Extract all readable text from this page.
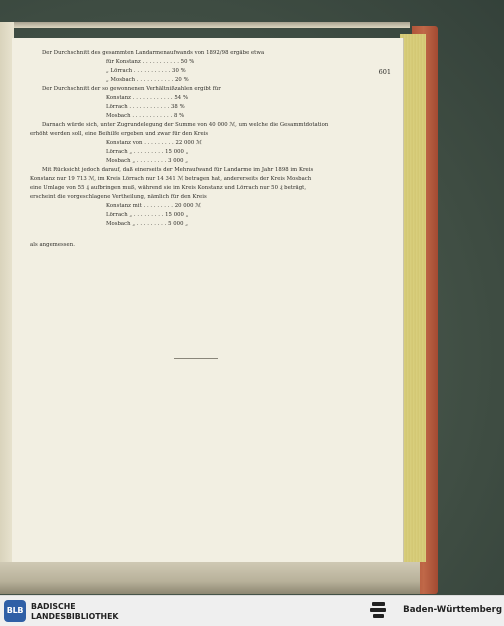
601
Der Durchschnitt des gesammten Landarmenaufwands von 1892/98 ergäbe etwa
für Konstanz . . . . . . . . . . . 50 %
„ Lörrach . . . . . . . . . . . 30 %
„ Mosbach . . . . . . . . . . . 20 %
Der Durchschnitt der so gewonnenen Verhältnißzahlen ergibt für
Konstanz . . . . . . . . . . . . 54 %
Lörrach . . . . . . . . . . . . 38 %
Mosbach . . . . . . . . . . . . 8 %
Darnach würde sich, unter Zugrundelegung der Summe von 40 000 ℳ, um welche die Gesammtdotation
erhöht werden soll, eine Beihilfe ergeben und zwar für den Kreis
Konstanz von . . . . . . . . . 22 000 ℳ
Lörrach „ . . . . . . . . . 15 000 „
Mosbach „ . . . . . . . . . 3 000 „
Mit Rücksicht jedoch darauf, daß einerseits der Mehraufwand für Landarme im Jahr 1898 im Kreis
Konstanz nur 19 713 ℳ, im Kreis Lörrach nur 14 341 ℳ betragen hat, andererseits der Kreis Mosbach
eine Umlage von 55 ₰ aufbringen muß, während sie im Kreis Konstanz und Lörrach nur 50 ₰ beträgt,
erscheint die vorgeschlagene Vertheilung, nämlich für den Kreis
Konstanz mit . . . . . . . . . 20 000 ℳ
Lörrach „ . . . . . . . . . 15 000 „
Mosbach „ . . . . . . . . . 5 000 „
als angemessen.
BLB BADISCHE
LANDESBIBLIOTHEK
Baden-Württemberg
